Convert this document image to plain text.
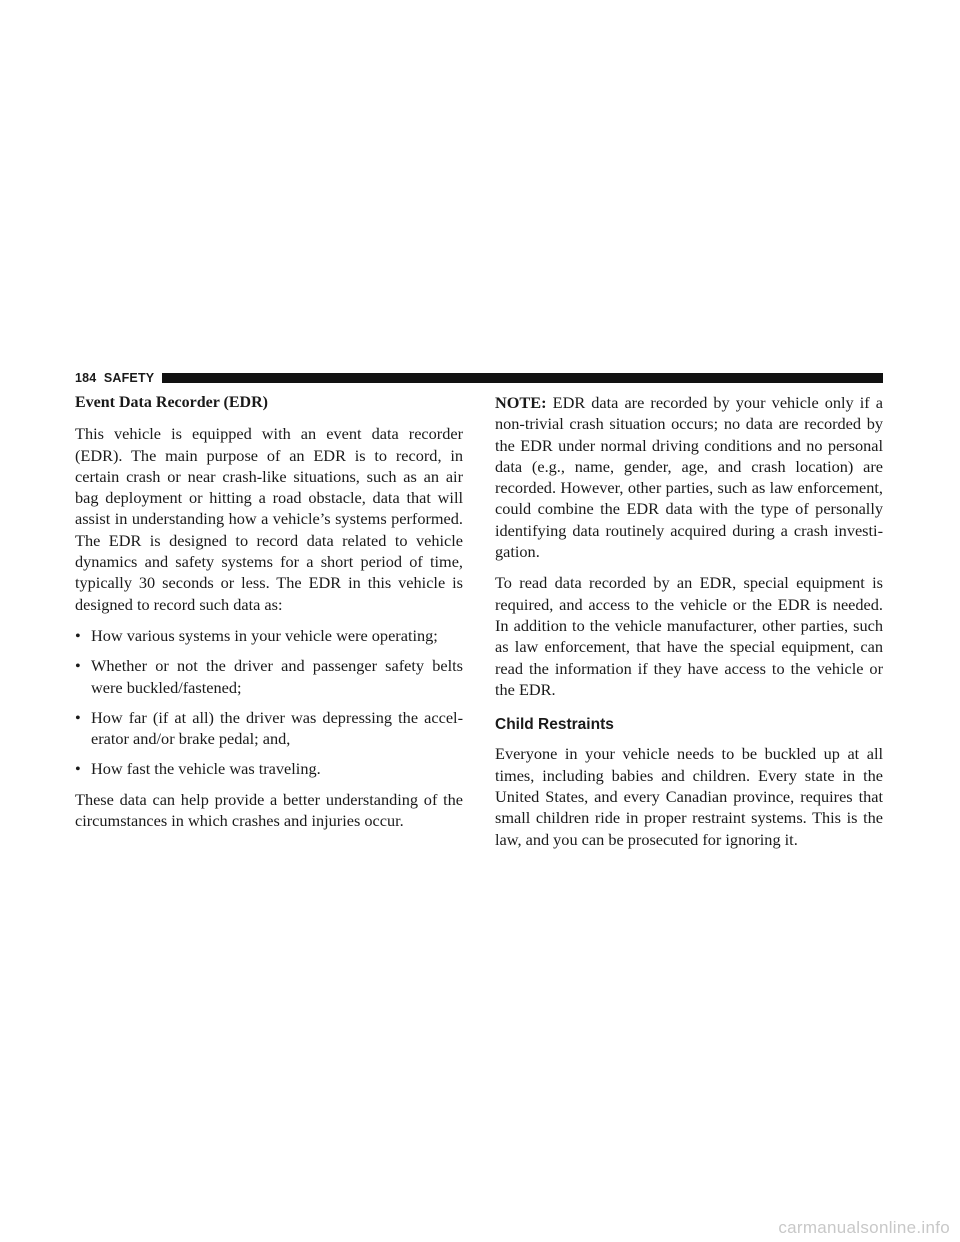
184 SAFETY

Event Data Recorder (EDR)

This vehicle is equipped with an event data recorder (EDR). The main purpose of an EDR is to record, in certain crash or near crash-like situations, such as an air bag deployment or hitting a road obstacle, data that will assist in understanding how a vehicle’s systems performed. The EDR is designed to record data related to vehicle dynamics and safety systems for a short period of time, typically 30 seconds or less. The EDR in this vehicle is designed to record such data as:

• How various systems in your vehicle were operating;
• Whether or not the driver and passenger safety belts were buckled/fastened;
• How far (if at all) the driver was depressing the accel- erator and/or brake pedal; and,
• How fast the vehicle was traveling.

These data can help provide a better understanding of the circumstances in which crashes and injuries occur.

NOTE: EDR data are recorded by your vehicle only if a non-trivial crash situation occurs; no data are recorded by the EDR under normal driving conditions and no personal data (e.g., name, gender, age, and crash location) are recorded. However, other parties, such as law enforcement, could combine the EDR data with the type of personally identifying data routinely acquired during a crash investi- gation.

To read data recorded by an EDR, special equipment is required, and access to the vehicle or the EDR is needed. In addition to the vehicle manufacturer, other parties, such as law enforcement, that have the special equipment, can read the information if they have access to the vehicle or the EDR.

Child Restraints

Everyone in your vehicle needs to be buckled up at all times, including babies and children. Every state in the United States, and every Canadian province, requires that small children ride in proper restraint systems. This is the law, and you can be prosecuted for ignoring it.

carmanualsonline.info
